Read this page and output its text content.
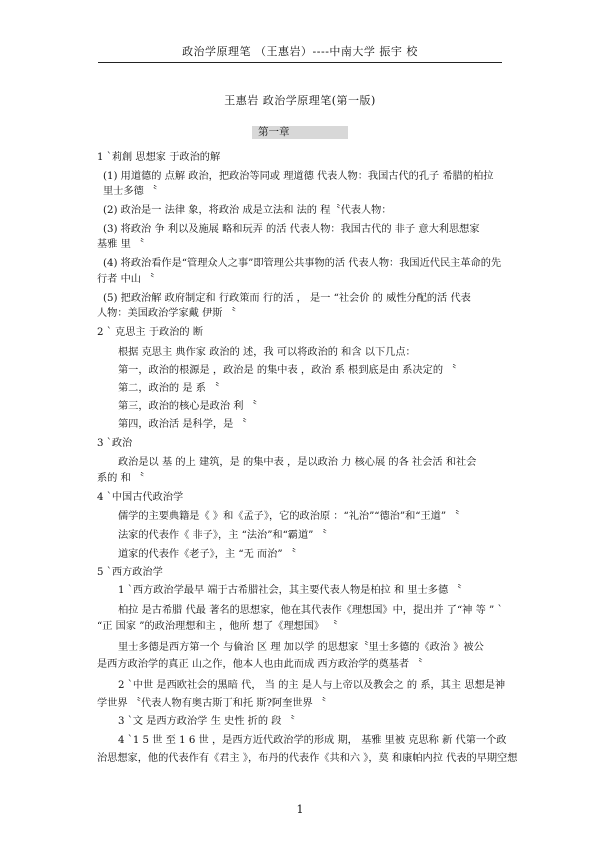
政治学原理笔 （王惠岩）----中南大学 振宇 校
王惠岩 政治学原理笔(第一版)
第一章
1 `莉創 思想家 于政治的解
(1) 用道德的 点解 政治，把政治等同或 理道德 代表人物：我国古代的孔子 希腊的柏拉
里士多德 〝
(2) 政治是一 法律 象，将政治 成是立法和 法的 程〝代表人物：
(3) 将政治 争 利以及施展 略和玩弄 的活 代表人物：我国古代的 非子 意大利思想家
基雅 里 〝
(4) 将政治看作是“管理众人之事”即管理公共事物的活 代表人物：我国近代民主革命的先
行者 中山 〝
(5) 把政治解 政府制定和 行政策而 行的活 ， 是一 “社会价 的 威性分配的活 代表
人物：美国政治学家戴 伊斯 〝
2 ` 克思主 于政治的 断
根据 克思主 典作家 政治的 述，我 可以将政治的 和含 以下几点：
第一，政治的根源是 ，政治是 的集中表 ，政治 系 根到底是由 系决定的 〝
第二，政治的 是 系 〝
第三，政治的核心是政治 利 〝
第四，政治活 是科学，是 〝
3 `政治
政治是以 基 的上 建筑，是 的集中表 ，是以政治 力 核心展 的各 社会活 和社会
系的 和 〝
4 `中国古代政治学
儒学的主要典籍是《 》和《孟子》，它的政治原 ：“礼治”“德治”和“王道” 〝
法家的代表作《 非子》，主 “法治”和“霸道” 〝
道家的代表作《老子》，主 “无 而治” 〝
5 `西方政治学
1 `西方政治学最早 端于古希腊社会，其主要代表人物是柏拉 和 里士多德 〝
柏拉 是古希腊 代最 著名的思想家，他在其代表作《理想国》中，提出并 了“神 等 ” `
“正 国家 ”的政治理想和主 ，他所 想了《理想国》 〝
里士多德是西方第一个 与倫治 区 理 加以学 的思想家〝里士多德的《政治 》被公
是西方政治学的真正 山之作，他本人也由此而成 西方政治学的奠基者 〝
2 `中世 是西欧社会的黑暗 代， 当 的主 是人与上帝以及教会之 的 系，其主 思想是神
学世界 〝代表人物有奥古斯丁和托 斯?阿奎世界 〝
3 `文 是西方政治学 生 史性 折的 段 〝
4 `1 5 世 至 1 6 世 ，是西方近代政治学的形成 期， 基雅 里被 克思称 新 代第一个政
治思想家，他的代表作有《君主 》，布丹的代表作《共和六 》，莫 和康帕内拉 代表的早期空想
1
